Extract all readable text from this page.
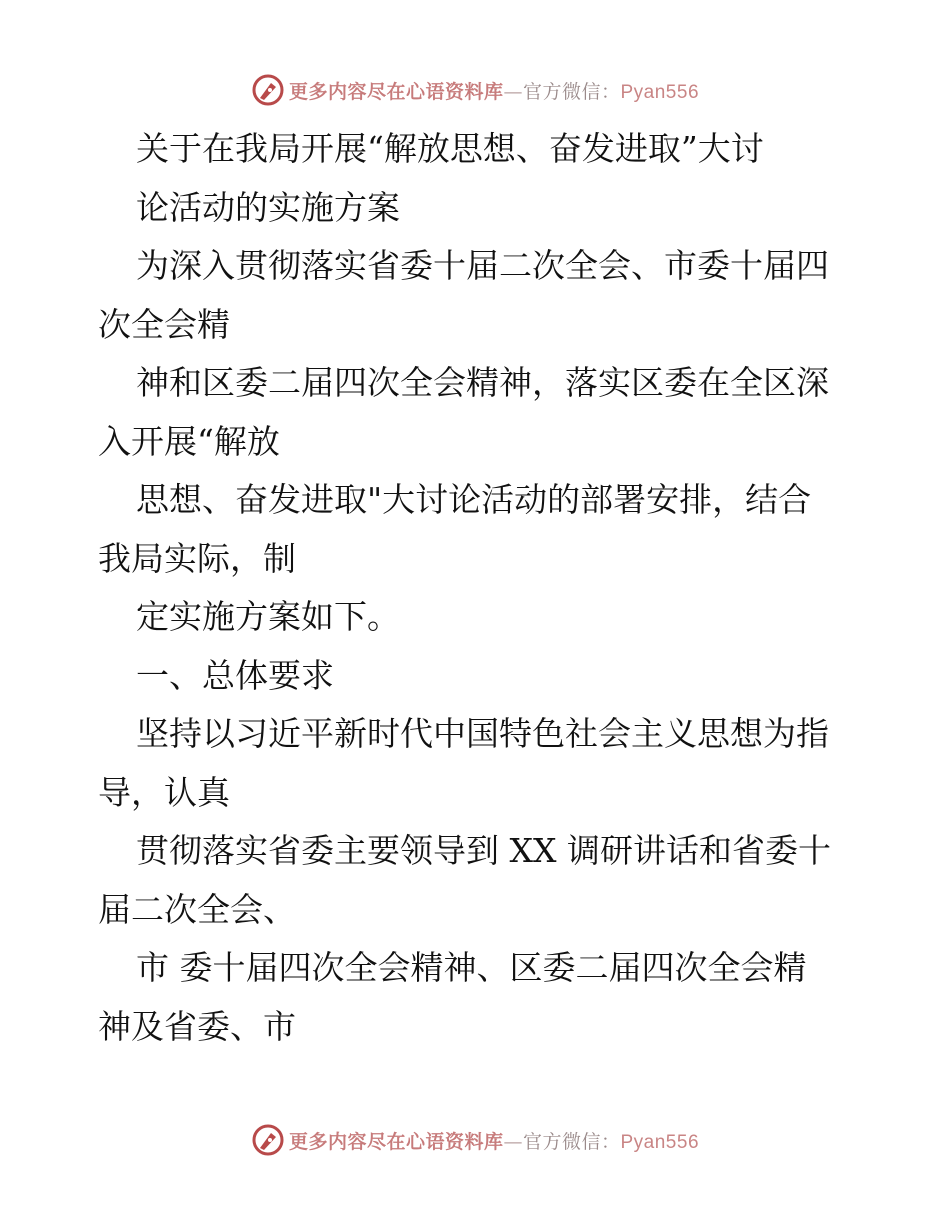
更多内容尽在心语资料库—官方微信：Pyan556
关于在我局开展“解放思想、奋发进取”大讨
论活动的实施方案
为深入贯彻落实省委十届二次全会、市委十届四
次全会精
神和区委二届四次全会精神，落实区委在全区深
入开展“解放
思想、奋发进取"大讨论活动的部署安排，结合
我局实际，制
定实施方案如下。
一、总体要求
坚持以习近平新时代中国特色社会主义思想为指
导，认真
贯彻落实省委主要领导到 XX 调研讲话和省委十
届二次全会、
市 委十届四次全会精神、区委二届四次全会精
神及省委、市
更多内容尽在心语资料库—官方微信：Pyan556
